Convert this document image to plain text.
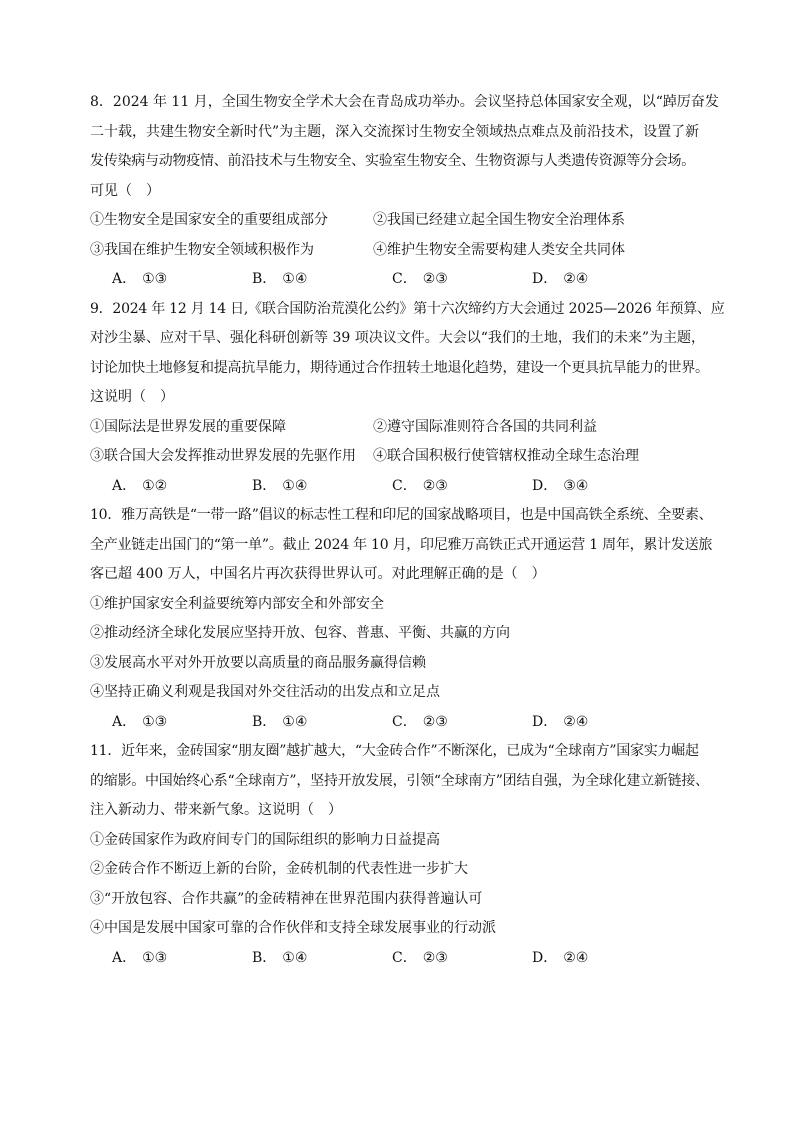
8．2024 年 11 月，全国生物安全学术大会在青岛成功举办。会议坚持总体国家安全观，以“踔厉奋发
二十载，共建生物安全新时代”为主题，深入交流探讨生物安全领域热点难点及前沿技术，设置了新
发传染病与动物疫情、前沿技术与生物安全、实验室生物安全、生物资源与人类遗传资源等分会场。
可见（　）
①生物安全是国家安全的重要组成部分	②我国已经建立起全国生物安全治理体系
③我国在维护生物安全领域积极作为	④维护生物安全需要构建人类安全共同体
A． ①③	B． ①④	C． ②③	D． ②④
9．2024 年 12 月 14 日,《联合国防治荒漠化公约》第十六次缔约方大会通过 2025—2026 年预算、应
对沙尘暴、应对干旱、强化科研创新等 39 项决议文件。大会以“我们的土地，我们的未来”为主题，
讨论加快土地修复和提高抗旱能力，期待通过合作扭转土地退化趋势，建设一个更具抗旱能力的世界。
这说明（　）
①国际法是世界发展的重要保障	②遵守国际准则符合各国的共同利益
③联合国大会发挥推动世界发展的先驱作用	④联合国积极行使管辖权推动全球生态治理
A． ①②	B． ①④	C． ②③	D． ③④
10．雅万高铁是“一带一路”倡议的标志性工程和印尼的国家战略项目，也是中国高铁全系统、全要素、
全产业链走出国门的“第一单”。截止 2024 年 10 月，印尼雅万高铁正式开通运营 1 周年，累计发送旅
客已超 400 万人，中国名片再次获得世界认可。对此理解正确的是（　）
①维护国家安全利益要统筹内部安全和外部安全
②推动经济全球化发展应坚持开放、包容、普惠、平衡、共赢的方向
③发展高水平对外开放要以高质量的商品服务赢得信赖
④坚持正确义利观是我国对外交往活动的出发点和立足点
A． ①③	B． ①④	C． ②③	D． ②④
11．近年来，金砖国家“朋友圈”越扩越大，“大金砖合作”不断深化，已成为“全球南方”国家实力崛起
的缩影。中国始终心系“全球南方”，坚持开放发展，引领“全球南方”团结自强，为全球化建立新链接、
注入新动力、带来新气象。这说明（　）
①金砖国家作为政府间专门的国际组织的影响力日益提高
②金砖合作不断迈上新的台阶，金砖机制的代表性进一步扩大
③“开放包容、合作共赢”的金砖精神在世界范围内获得普遍认可
④中国是发展中国家可靠的合作伙伴和支持全球发展事业的行动派
A． ①③	B． ①④	C． ②③	D． ②④
